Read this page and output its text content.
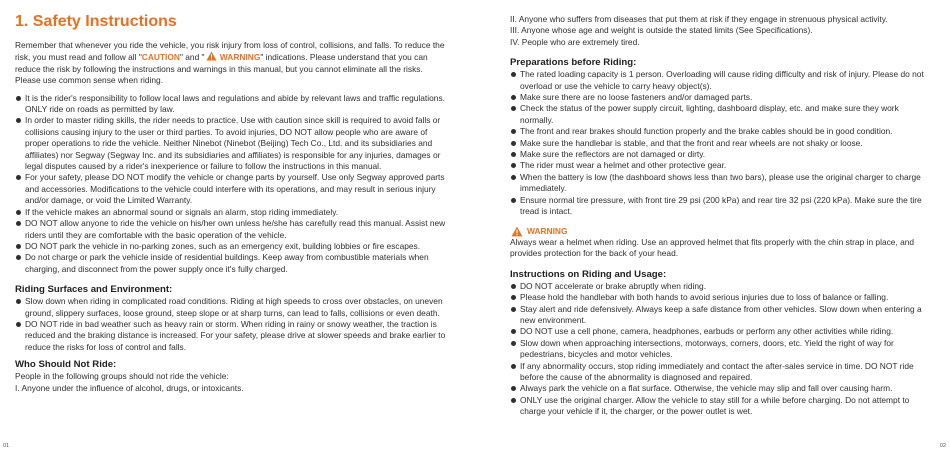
1. Safety Instructions

Remember that whenever you ride the vehicle, you risk injury from loss of control, collisions, and falls. To reduce the risk, you must read and follow all "CAUTION" and " WARNING" indications. Please understand that you can reduce the risk by following the instructions and warnings in this manual, but you cannot eliminate all the risks. Please use common sense when riding.

It is the rider's responsibility to follow local laws and regulations and abide by relevant laws and traffic regulations. ONLY ride on roads as permitted by law.
In order to master riding skills, the rider needs to practice. Use with caution since skill is required to avoid falls or collisions causing injury to the user or third parties. To avoid injuries, DO NOT allow people who are aware of proper operations to ride the vehicle. Neither Ninebot (Ninebot (Beijing) Tech Co., Ltd. and its subsidiaries and affiliates) nor Segway (Segway Inc. and its subsidiaries and affiliates) is responsible for any injuries, damages or legal disputes caused by a rider's inexperience or failure to follow the instructions in this manual.
For your safety, please DO NOT modify the vehicle or change parts by yourself. Use only Segway approved parts and accessories. Modifications to the vehicle could interfere with its operations, and may result in serious injury and/or damage, or void the Limited Warranty.
If the vehicle makes an abnormal sound or signals an alarm, stop riding immediately.
DO NOT allow anyone to ride the vehicle on his/her own unless he/she has carefully read this manual. Assist new riders until they are comfortable with the basic operation of the vehicle.
DO NOT park the vehicle in no-parking zones, such as an emergency exit, building lobbies or fire escapes.
Do not charge or park the vehicle inside of residential buildings. Keep away from combustible materials when charging, and disconnect from the power supply once it's fully charged.
Riding Surfaces and Environment:
Slow down when riding in complicated road conditions. Riding at high speeds to cross over obstacles, on uneven ground, slippery surfaces, loose ground, steep slope or at sharp turns, can lead to falls, collisions or even death.
DO NOT ride in bad weather such as heavy rain or storm. When riding in rainy or snowy weather, the traction is reduced and the braking distance is increased. For your safety, please drive at slower speeds and brake earlier to reduce the risks for loss of control and falls.
Who Should Not Ride:

People in the following groups should not ride the vehicle:

I. Anyone under the influence of alcohol, drugs, or intoxicants.

01

II. Anyone who suffers from diseases that put them at risk if they engage in strenuous physical activity.

III. Anyone whose age and weight is outside the stated limits (See Specifications).

IV. People who are extremely tired.

Preparations before Riding:
The rated loading capacity is 1 person. Overloading will cause riding difficulty and risk of injury. Please do not overload or use the vehicle to carry heavy object(s).
Make sure there are no loose fasteners and/or damaged parts.
Check the status of the power supply circuit, lighting, dashboard display, etc. and make sure they work normally.
The front and rear brakes should function properly and the brake cables should be in good condition.
Make sure the handlebar is stable, and that the front and rear wheels are not shaky or loose.
Make sure the reflectors are not damaged or dirty.
The rider must wear a helmet and other protective gear.
When the battery is low (the dashboard shows less than two bars), please use the original charger to charge immediately.
Ensure normal tire pressure, with front tire 29 psi (200 kPa) and rear tire 32 psi (220 kPa). Make sure the tire tread is intact.
WARNING

Always wear a helmet when riding. Use an approved helmet that fits properly with the chin strap in place, and provides protection for the back of your head.

Instructions on Riding and Usage:
DO NOT accelerate or brake abruptly when riding.
Please hold the handlebar with both hands to avoid serious injuries due to loss of balance or falling.
Stay alert and ride defensively. Always keep a safe distance from other vehicles. Slow down when entering a new environment.
DO NOT use a cell phone, camera, headphones, earbuds or perform any other activities while riding.
Slow down when approaching intersections, motorways, corners, doors, etc. Yield the right of way for pedestrians, bicycles and motor vehicles.
If any abnormality occurs, stop riding immediately and contact the after-sales service in time. DO NOT ride before the cause of the abnormality is diagnosed and repaired.
Always park the vehicle on a flat surface. Otherwise, the vehicle may slip and fall over causing harm.
ONLY use the original charger. Allow the vehicle to stay still for a while before charging. Do not attempt to charge your vehicle if it, the charger, or the power outlet is wet.
02
